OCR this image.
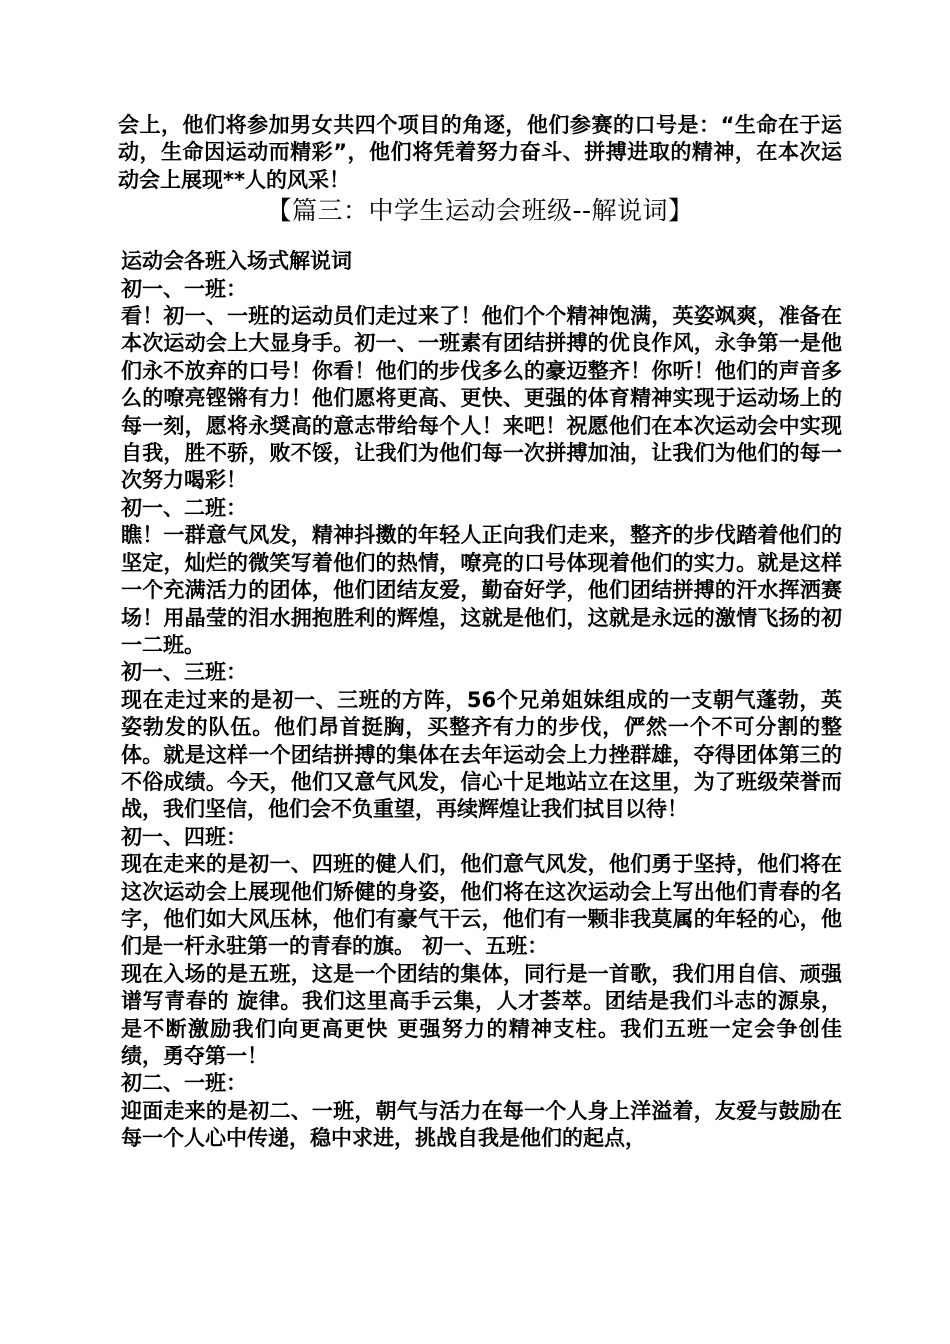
会上，他们将参加男女共四个项目的角逐，他们参赛的口号是：“生命在于运动，生命因运动而精彩”，他们将凭着努力奋斗、拼搏进取的精神，在本次运动会上展现**人的风采！

【篇三：中学生运动会班级--解说词】

运动会各班入场式解说词

初一、一班：

看！初一、一班的运动员们走过来了！他们个个精神饱满，英姿飒爽，准备在本次运动会上大显身手。初一、一班素有团结拼搏的优良作风，永争第一是他们永不放弃的口号！你看！他们的步伐多么的豪迈整齐！你听！他们的声音多么的嘹亮铿锵有力！他们愿将更高、更快、更强的体育精神实现于运动场上的每一刻，愿将永奨高的意志带给每个人！来吧！祝愿他们在本次运动会中实现自我，胜不骄，败不馁，让我们为他们每一次拼搏加油，让我们为他们的每一次努力喝彩！

初一、二班：

瞧！一群意气风发，精神抖擞的年轻人正向我们走来，整齐的步伐踏着他们的坚定，灿烂的微笑写着他们的热情，嘹亮的口号体现着他们的实力。就是这样一个充满活力的团体，他们团结友爱，勤奋好学，他们团结拼搏的汗水挥洒赛场！用晶莹的泪水拥抱胜利的辉煌，这就是他们，这就是永远的激情飞扬的初一二班。

初一、三班：

现在走过来的是初一、三班的方阵，56个兄弟姐妹组成的一支朝气蓬勃，英姿勃发的队伍。他们昂首挺胸，买整齐有力的步伐，俨然一个不可分割的整体。就是这样一个团结拼搏的集体在去年运动会上力挫群雄，夺得团体第三的不俗成绩。今天，他们又意气风发，信心十足地站立在这里，为了班级荣誉而战，我们坚信，他们会不负重望，再续辉煌让我们拭目以待！

初一、四班：

现在走来的是初一、四班的健人们，他们意气风发，他们勇于坚持，他们将在这次运动会上展现他们矫健的身姿，他们将在这次运动会上写出他们青春的名字，他们如大风压林，他们有豪气干云，他们有一颗非我莫属的年轻的心，他们是一杆永驻第一的青春的旗。 初一、五班：

现在入场的是五班，这是一个团结的集体，同行是一首歌，我们用自信、顽强谱写青春的 旋律。我们这里高手云集，人才荟萃。团结是我们斗志的源泉，是不断激励我们向更高更快 更强努力的精神支柱。我们五班一定会争创佳绩，勇夺第一！

初二、一班：

迎面走来的是初二、一班，朝气与活力在每一个人身上洋溢着，友爱与鼓励在每一个人心中传递，稳中求进，挑战自我是他们的起点，
